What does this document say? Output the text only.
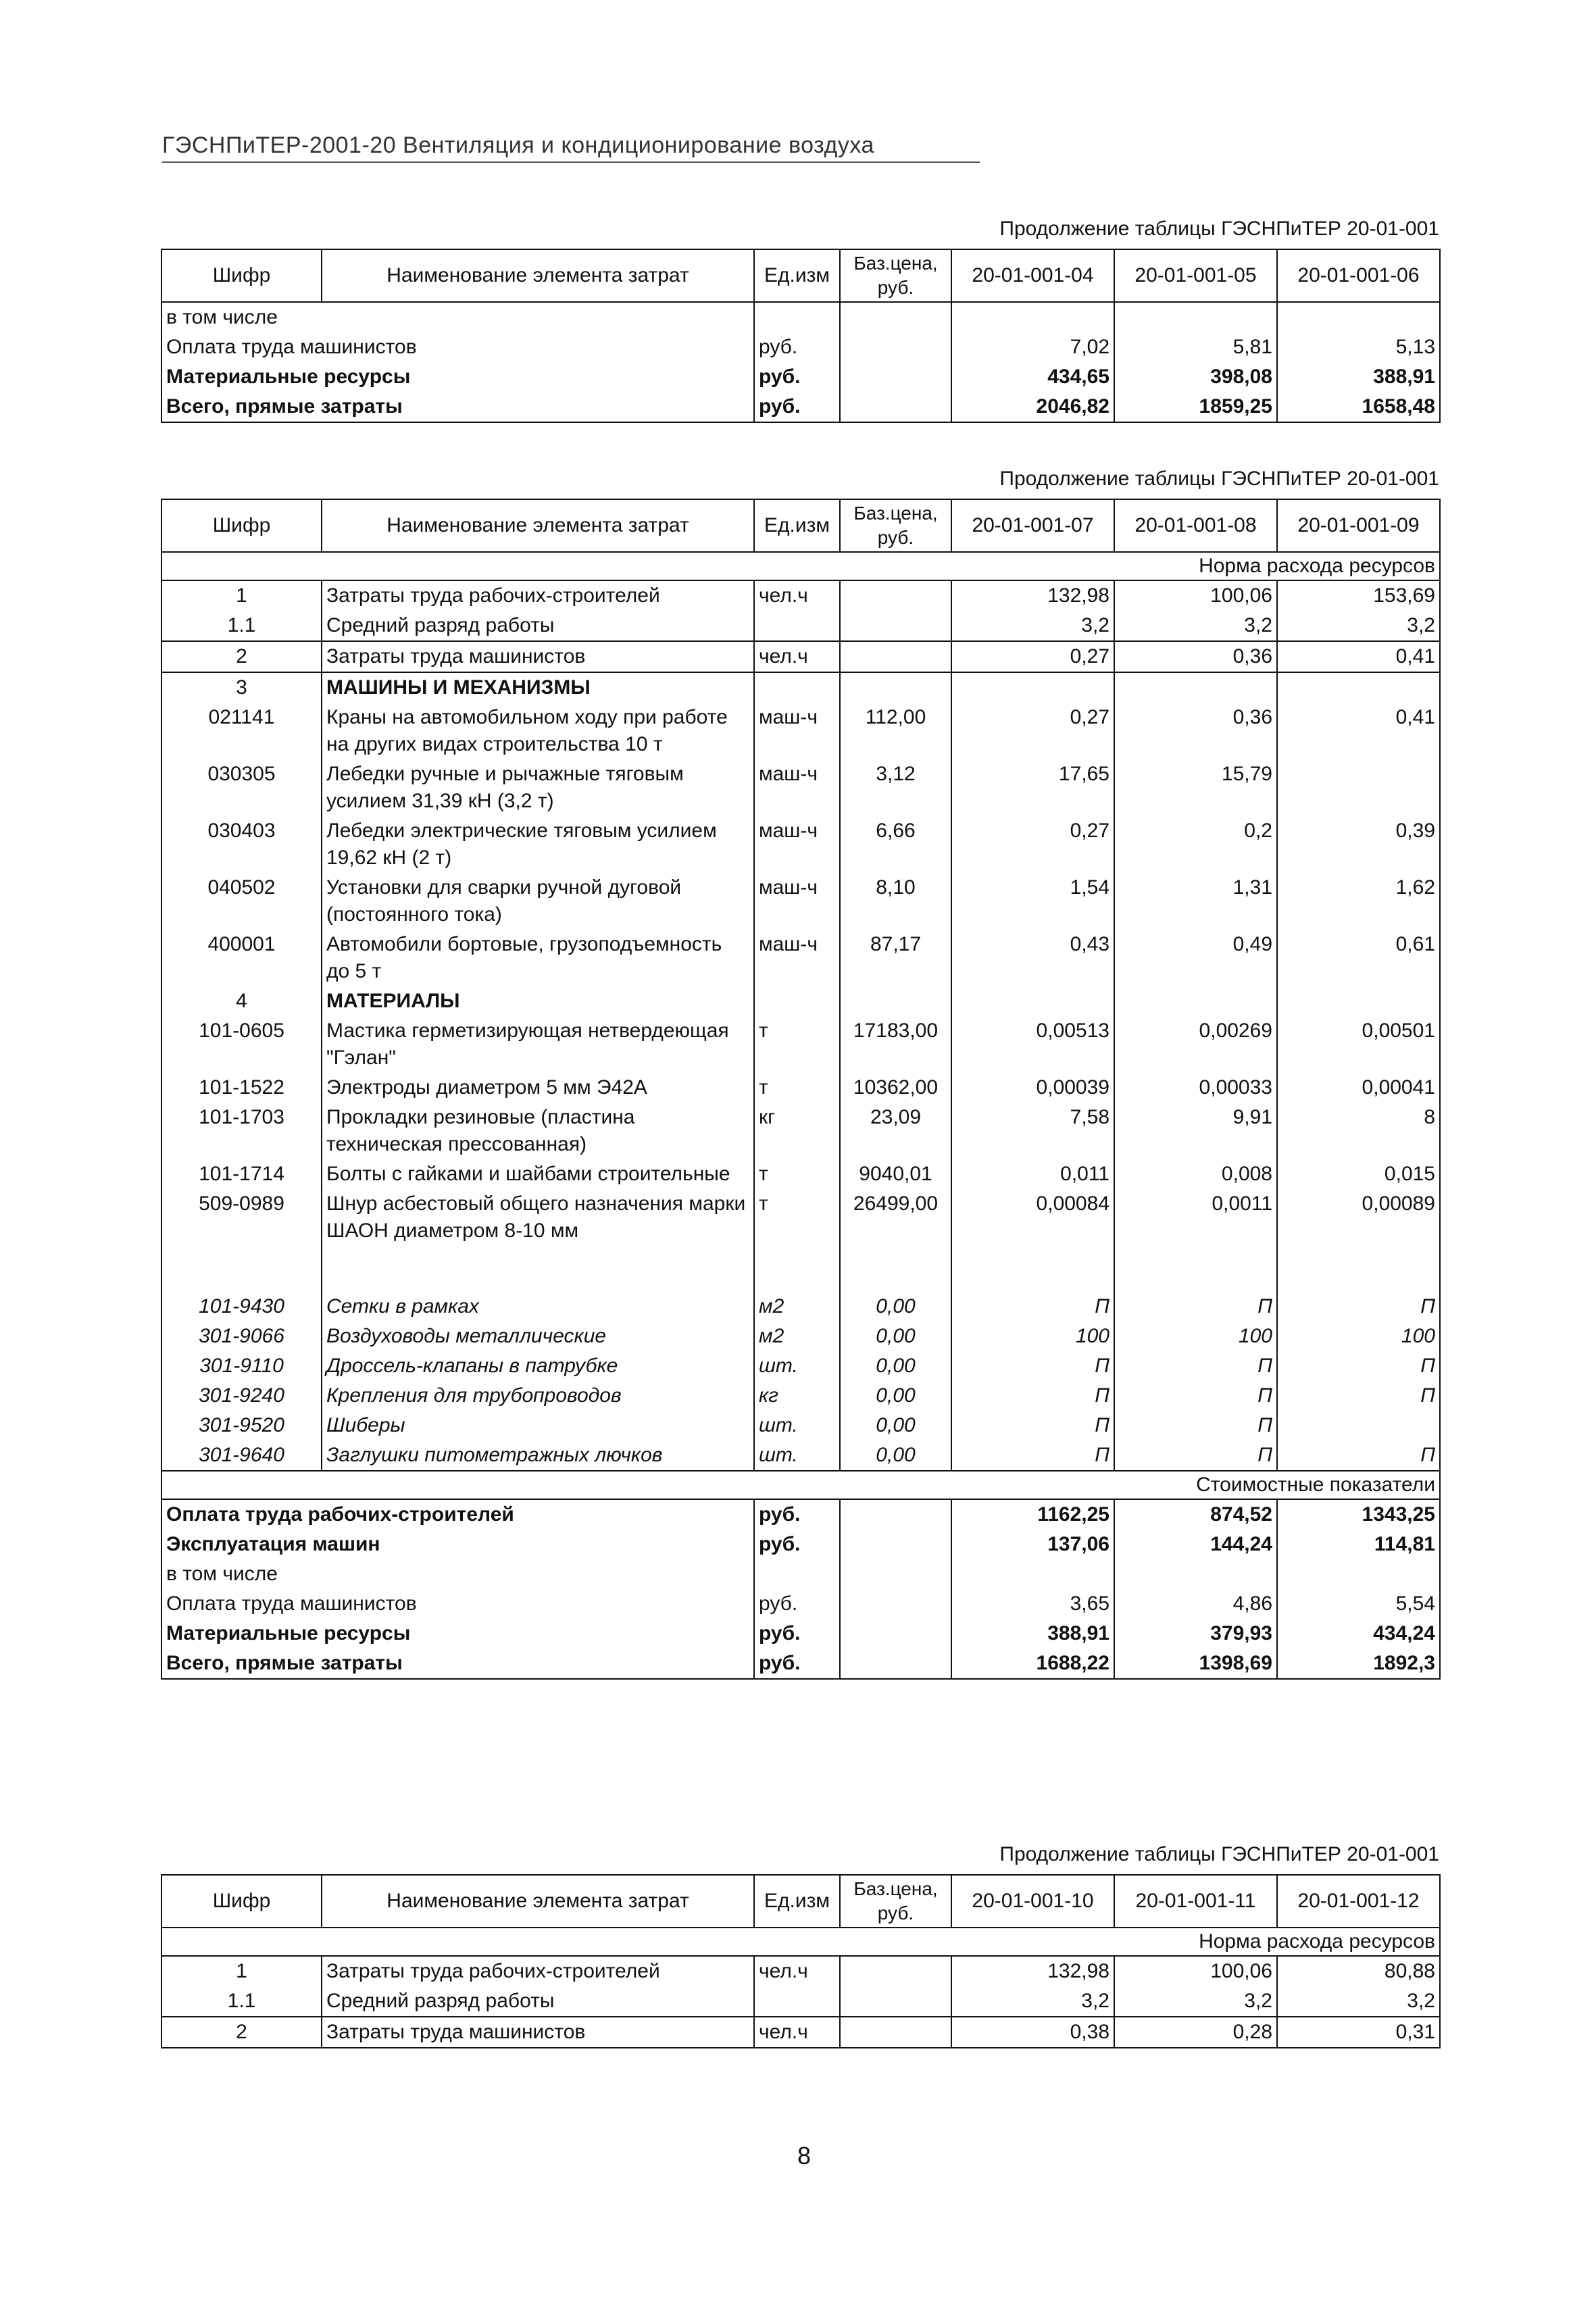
ГЭСНПиТЕР-2001-20 Вентиляция и кондиционирование воздуха
Продолжение таблицы ГЭСНПиТЕР 20-01-001
Шифр	Наименование элемента затрат	Ед.изм	Баз.цена, руб.	20-01-001-04	20-01-001-05	20-01-001-06
в том числе						
Оплата труда машинистов		руб.		7,02	5,81	5,13
Материальные ресурсы		руб.		434,65	398,08	388,91
Всего, прямые затраты		руб.		2046,82	1859,25	1658,48
Продолжение таблицы ГЭСНПиТЕР 20-01-001
Шифр	Наименование элемента затрат	Ед.изм	Баз.цена, руб.	20-01-001-07	20-01-001-08	20-01-001-09
Норма расхода ресурсов						
1	Затраты труда рабочих-строителей	чел.ч		132,98	100,06	153,69
1.1	Средний разряд работы			3,2	3,2	3,2
2	Затраты труда машинистов	чел.ч		0,27	0,36	0,41
3	МАШИНЫ И МЕХАНИЗМЫ					
021141	Краны на автомобильном ходу при работе на других видах строительства 10 т	маш-ч	112,00	0,27	0,36	0,41
030305	Лебедки ручные и рычажные тяговым усилием 31,39 кН (3,2 т)	маш-ч	3,12	17,65	15,79	
030403	Лебедки электрические тяговым усилием 19,62 кН (2 т)	маш-ч	6,66	0,27	0,2	0,39
040502	Установки для сварки ручной дуговой (постоянного тока)	маш-ч	8,10	1,54	1,31	1,62
400001	Автомобили бортовые, грузоподъемность до 5 т	маш-ч	87,17	0,43	0,49	0,61
4	МАТЕРИАЛЫ					
101-0605	Мастика герметизирующая нетвердеющая "Гэлан"	т	17183,00	0,00513	0,00269	0,00501
101-1522	Электроды диаметром 5 мм Э42А	т	10362,00	0,00039	0,00033	0,00041
101-1703	Прокладки резиновые (пластина техническая прессованная)	кг	23,09	7,58	9,91	8
101-1714	Болты с гайками и шайбами строительные	т	9040,01	0,011	0,008	0,015
509-0989	Шнур асбестовый общего назначения марки ШАОН диаметром 8-10 мм	т	26499,00	0,00084	0,0011	0,00089

101-9430	Сетки в рамках	м2	0,00	П	П	П
301-9066	Воздуховоды металлические	м2	0,00	100	100	100
301-9110	Дроссель-клапаны в патрубке	шт.	0,00	П	П	П
301-9240	Крепления для трубопроводов	кг	0,00	П	П	П
301-9520	Шиберы	шт.	0,00	П	П	
301-9640	Заглушки питометражных лючков	шт.	0,00	П	П	П
Стоимостные показатели						
Оплата труда рабочих-строителей		руб.		1162,25	874,52	1343,25
Эксплуатация машин		руб.		137,06	144,24	114,81
в том числе						
Оплата труда машинистов		руб.		3,65	4,86	5,54
Материальные ресурсы		руб.		388,91	379,93	434,24
Всего, прямые затраты		руб.		1688,22	1398,69	1892,3
Продолжение таблицы ГЭСНПиТЕР 20-01-001
Шифр	Наименование элемента затрат	Ед.изм	Баз.цена, руб.	20-01-001-10	20-01-001-11	20-01-001-12
Норма расхода ресурсов						
1	Затраты труда рабочих-строителей	чел.ч		132,98	100,06	80,88
1.1	Средний разряд работы			3,2	3,2	3,2
2	Затраты труда машинистов	чел.ч		0,38	0,28	0,31
8
